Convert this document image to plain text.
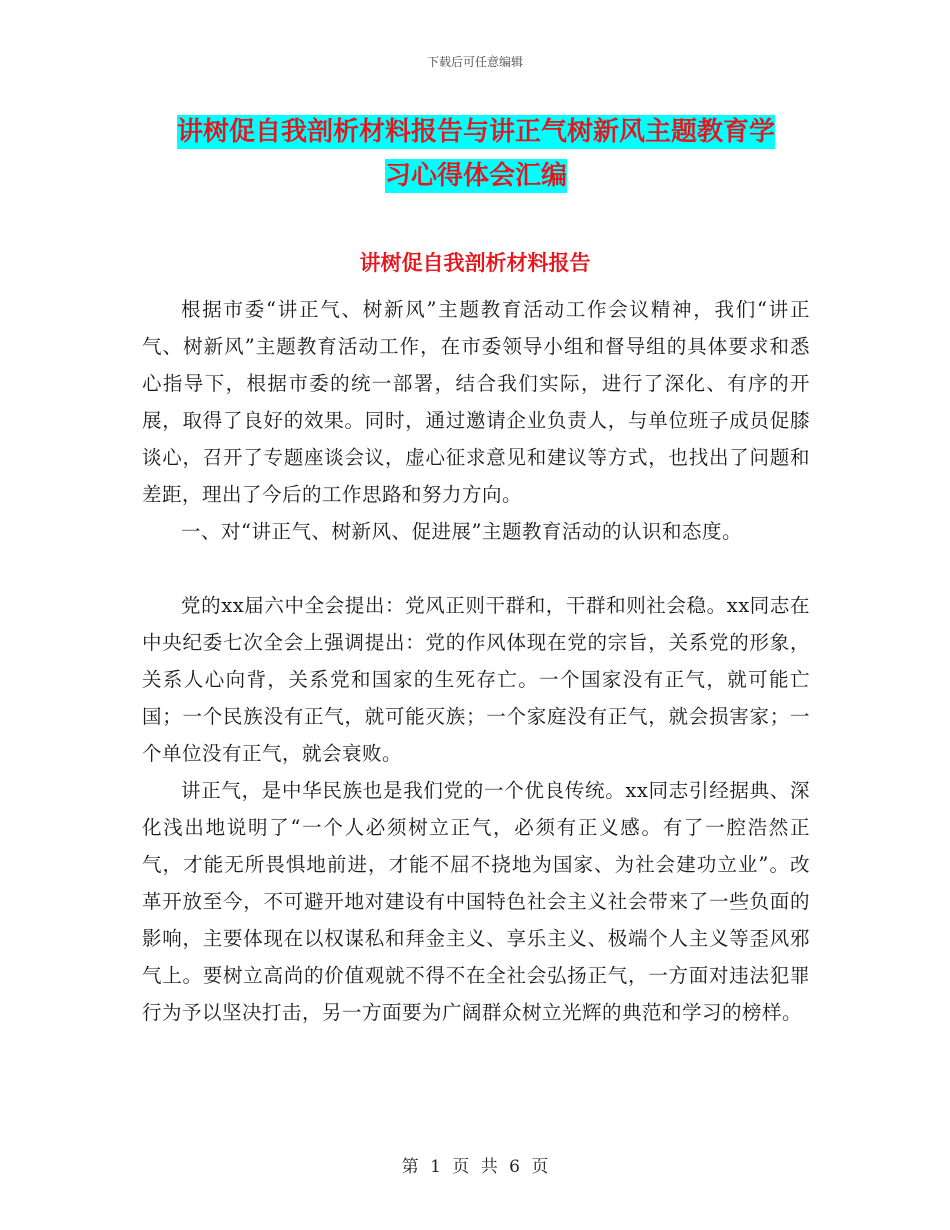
下载后可任意编辑
讲树促自我剖析材料报告与讲正气树新风主题教育学
习心得体会汇编
讲树促自我剖析材料报告

根据市委“讲正气、树新风”主题教育活动工作会议精神，我们“讲正气、树新风”主题教育活动工作，在市委领导小组和督导组的具体要求和悉心指导下，根据市委的统一部署，结合我们实际，进行了深化、有序的开展，取得了良好的效果。同时，通过邀请企业负责人，与单位班子成员促膝谈心，召开了专题座谈会议，虚心征求意见和建议等方式，也找出了问题和差距，理出了今后的工作思路和努力方向。

一、对“讲正气、树新风、促进展”主题教育活动的认识和态度。

党的xx届六中全会提出：党风正则干群和，干群和则社会稳。xx同志在中央纪委七次全会上强调提出：党的作风体现在党的宗旨，关系党的形象，关系人心向背，关系党和国家的生死存亡。一个国家没有正气，就可能亡国；一个民族没有正气，就可能灭族；一个家庭没有正气，就会损害家；一个单位没有正气，就会衰败。

讲正气，是中华民族也是我们党的一个优良传统。xx同志引经据典、深化浅出地说明了“一个人必须树立正气，必须有正义感。有了一腔浩然正气，才能无所畏惧地前进，才能不屈不挠地为国家、为社会建功立业”。改革开放至今，不可避开地对建设有中国特色社会主义社会带来了一些负面的影响，主要体现在以权谋私和拜金主义、享乐主义、极端个人主义等歪风邪气上。要树立高尚的价值观就不得不在全社会弘扬正气，一方面对违法犯罪行为予以坚决打击，另一方面要为广阔群众树立光辉的典范和学习的榜样。

第 1 页 共 6 页
